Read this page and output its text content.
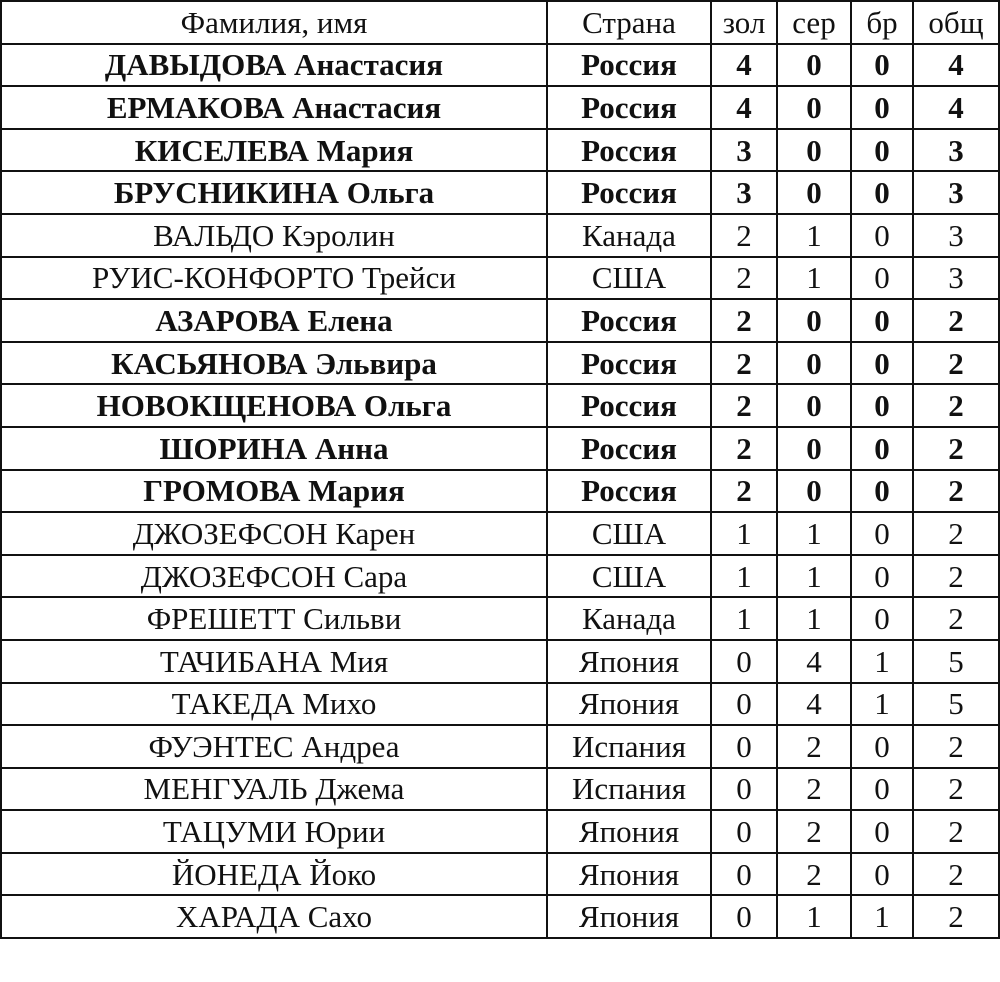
Фамилия, имя	Страна	зол	сер	бр	общ
ДАВЫДОВА Анастасия	Россия	4	0	0	4
ЕРМАКОВА Анастасия	Россия	4	0	0	4
КИСЕЛЕВА Мария	Россия	3	0	0	3
БРУСНИКИНА Ольга	Россия	3	0	0	3
ВАЛЬДО Кэролин	Канада	2	1	0	3
РУИС-КОНФОРТО Трейси	США	2	1	0	3
АЗАРОВА Елена	Россия	2	0	0	2
КАСЬЯНОВА Эльвира	Россия	2	0	0	2
НОВОКЩЕНОВА Ольга	Россия	2	0	0	2
ШОРИНА Анна	Россия	2	0	0	2
ГРОМОВА Мария	Россия	2	0	0	2
ДЖОЗЕФСОН Карен	США	1	1	0	2
ДЖОЗЕФСОН Сара	США	1	1	0	2
ФРЕШЕТТ Сильви	Канада	1	1	0	2
ТАЧИБАНА Мия	Япония	0	4	1	5
ТАКЕДА Михо	Япония	0	4	1	5
ФУЭНТЕС Андреа	Испания	0	2	0	2
МЕНГУАЛЬ Джема	Испания	0	2	0	2
ТАЦУМИ Юрии	Япония	0	2	0	2
ЙОНЕДА Йоко	Япония	0	2	0	2
ХАРАДА Сахо	Япония	0	1	1	2
